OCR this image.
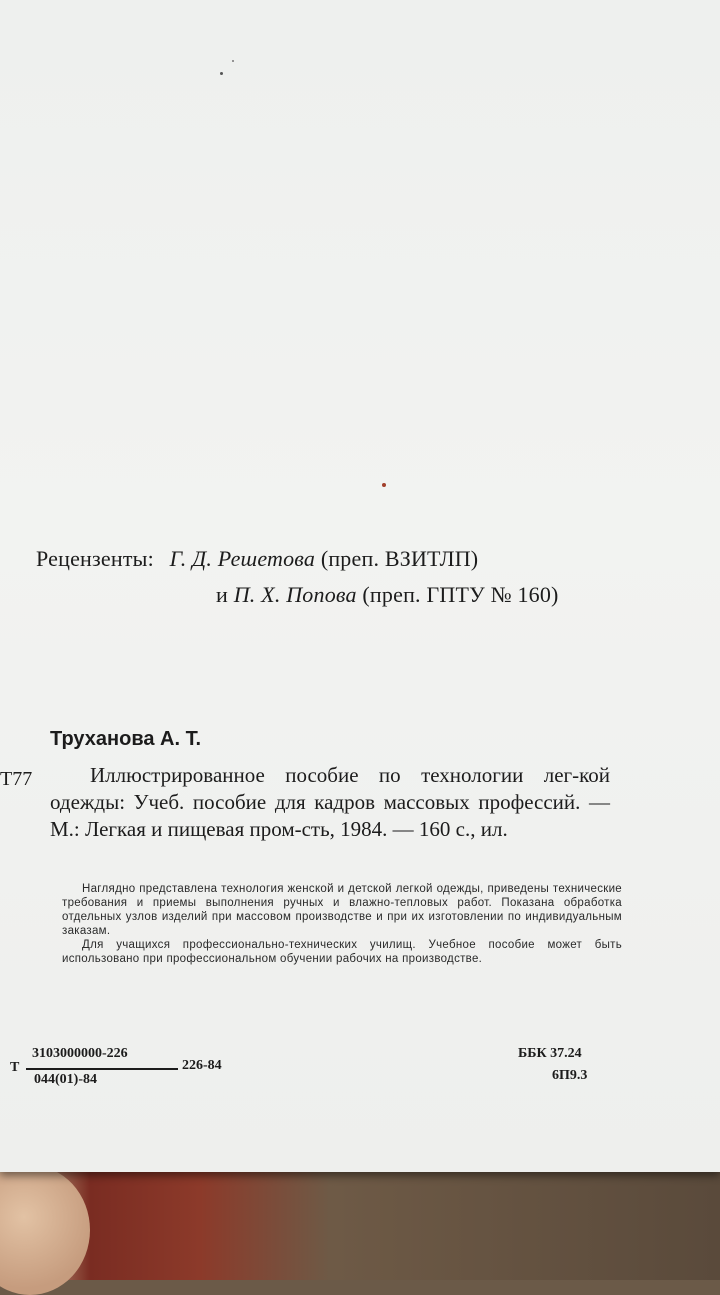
Рецензенты: Г. Д. Решетова (преп. ВЗИТЛП)
и П. Х. Попова (преп. ГПТУ № 160)
Труханова А. Т.
Т77	Иллюстрированное пособие по технологии лег-кой одежды: Учеб. пособие для кадров массовых профессий. — М.: Легкая и пищевая пром-сть, 1984. — 160 с., ил.

Наглядно представлена технология женской и детской легкой одежды, приведены технические требования и приемы выполнения ручных и влажно-тепловых работ. Показана обработка отдельных узлов изделий при массовом производстве и при их изготовлении по индивидуальным заказам.

Для учащихся профессионально-технических училищ. Учебное пособие может быть использовано при профессиональном обучении рабочих на производстве.

Т
3103000000-226
044(01)-84
226-84
ББК 37.24
6П9.3
